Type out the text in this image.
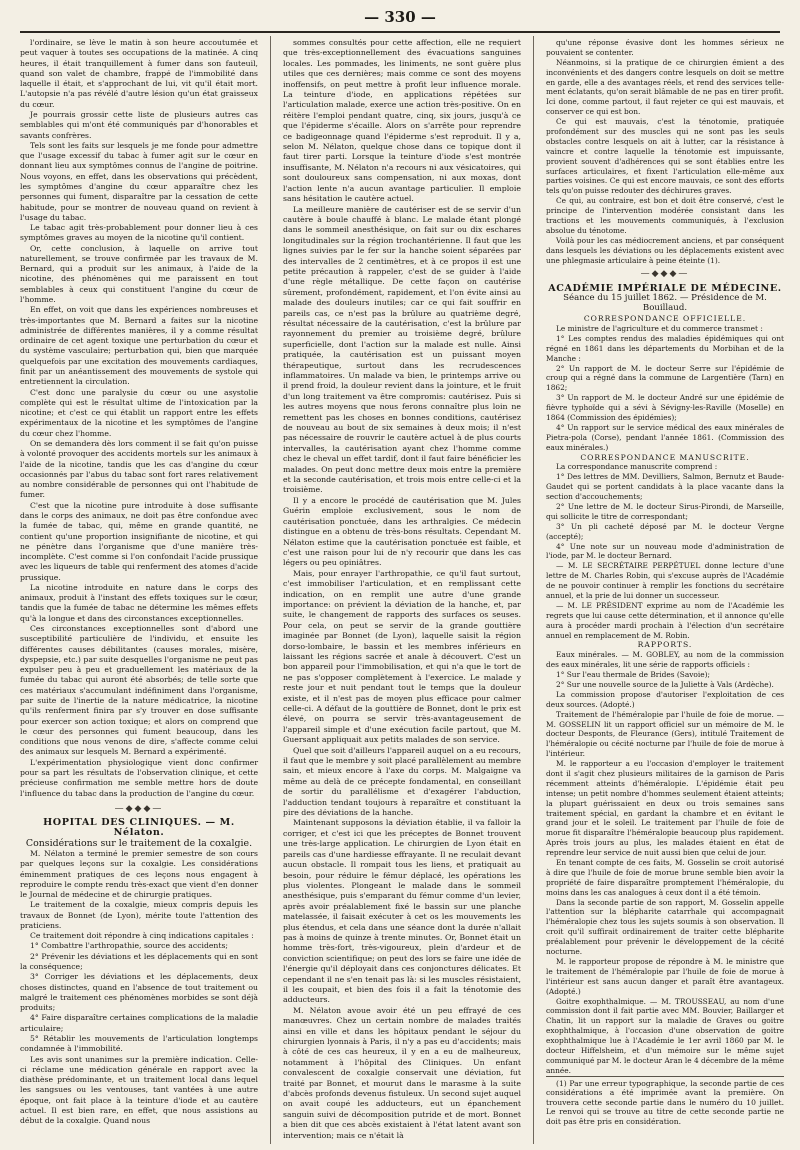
— 330 —

l'ordinaire, se lève le matin à son heure accoutumée et peut vaquer à toutes ses occupations de la matinée. A cinq heures, il était tranquillement à fumer dans son fauteuil, quand son valet de chambre, frappé de l'immobilité dans laquelle il était, et s'approchant de lui, vit qu'il était mort. L'autopsie n'a pas révélé d'autre lésion qu'un état graisseux du cœur.

Je pourrais grossir cette liste de plusieurs autres cas semblables qui m'ont été communiqués par d'honorables et savants confrères.

Tels sont les faits sur lesquels je me fonde pour admettre que l'usage excessif du tabac à fumer agit sur le cœur en donnant lieu aux symptômes connus de l'angine de poitrine. Nous voyons, en effet, dans les observations qui précèdent, les symptômes d'angine du cœur apparaître chez les personnes qui fument, disparaître par la cessation de cette habitude, pour se montrer de nouveau quand on revient à l'usage du tabac.

Le tabac agit très-probablement pour donner lieu à ces symptômes graves au moyen de la nicotine qu'il contient.

Or, cette conclusion, à laquelle on arrive tout naturellement, se trouve confirmée par les travaux de M. Bernard, qui a produit sur les animaux, à l'aide de la nicotine, des phénomènes qui me paraissent en tout semblables à ceux qui constituent l'angine du cœur de l'homme.

En effet, on voit que dans les expériences nombreuses et très-importantes que M. Bernard a faites sur la nicotine administrée de différentes manières, il y a comme résultat ordinaire de cet agent toxique une perturbation du cœur et du système vasculaire; perturbation qui, bien que marquée quelquefois par une excitation des mouvements cardiaques, finit par un anéantissement des mouvements de systole qui entretiennent la circulation.

C'est donc une paralysie du cœur ou une asystolie complète qui est le résultat ultime de l'intoxication par la nicotine; et c'est ce qui établit un rapport entre les effets expérimentaux de la nicotine et les symptômes de l'angine du cœur chez l'homme.

On se demandera dès lors comment il se fait qu'on puisse à volonté provoquer des accidents mortels sur les animaux à l'aide de la nicotine, tandis que les cas d'angine du cœur occasionnés par l'abus du tabac sont fort rares relativement au nombre considérable de personnes qui ont l'habitude de fumer.

C'est que la nicotine pure introduite à dose suffisante dans le corps des animaux, ne doit pas être confondue avec la fumée de tabac, qui, même en grande quantité, ne contient qu'une proportion insignifiante de nicotine, et qui ne pénètre dans l'organisme que d'une manière très-incomplète. C'est comme si l'on confondait l'acide prussique avec les liqueurs de table qui renferment des atomes d'acide prussique.

La nicotine introduite en nature dans le corps des animaux, produit à l'instant des effets toxiques sur le cœur, tandis que la fumée de tabac ne détermine les mêmes effets qu'à la longue et dans des circonstances exceptionnelles.

Ces circonstances exceptionnelles sont d'abord une susceptibilité particulière de l'individu, et ensuite les différentes causes débilitantes (causes morales, misère, dyspepsie, etc.) par suite desquelles l'organisme ne peut pas expulser peu à peu et graduellement les matériaux de la fumée du tabac qui auront été absorbés; de telle sorte que ces matériaux s'accumulant indéfiniment dans l'organisme, par suite de l'inertie de la nature médicatrice, la nicotine qu'ils renferment finira par s'y trouver en dose suffisante pour exercer son action toxique; et alors on comprend que le cœur des personnes qui fument beaucoup, dans les conditions que nous venons de dire, s'affecte comme celui des animaux sur lesquels M. Bernard a expérimenté.

L'expérimentation physiologique vient donc confirmer pour sa part les résultats de l'observation clinique, et cette précieuse confirmation me semble mettre hors de doute l'influence du tabac dans la production de l'angine du cœur.

—◆◆◆—

HOPITAL DES CLINIQUES. — M. Nélaton.

Considérations sur le traitement de la coxalgie.

M. Nélaton a terminé le premier semestre de son cours par quelques leçons sur la coxalgie. Les considérations éminemment pratiques de ces leçons nous engagent à reproduire le compte rendu très-exact que vient d'en donner le Journal de médecine et de chirurgie pratiques.

Le traitement de la coxalgie, mieux compris depuis les travaux de Bonnet (de Lyon), mérite toute l'attention des praticiens.

Ce traitement doit répondre à cinq indications capitales :

1° Combattre l'arthropathie, source des accidents;

2° Prévenir les déviations et les déplacements qui en sont la conséquence;

3° Corriger les déviations et les déplacements, deux choses distinctes, quand en l'absence de tout traitement ou malgré le traitement ces phénomènes morbides se sont déjà produits;

4° Faire disparaître certaines complications de la maladie articulaire;

5° Rétablir les mouvements de l'articulation longtemps condamnée à l'immobilité.

Les avis sont unanimes sur la première indication. Celle-ci réclame une médication générale en rapport avec la diathèse prédominante, et un traitement local dans lequel les sangsues ou les ventouses, tant vantées à une autre époque, ont fait place à la teinture d'iode et au cautère actuel. Il est bien rare, en effet, que nous assistions au début de la coxalgie. Quand nous

sommes consultés pour cette affection, elle ne requiert que très-exceptionnellement des évacuations sanguines locales. Les pommades, les liniments, ne sont guère plus utiles que ces dernières; mais comme ce sont des moyens inoffensifs, on peut mettre à profit leur influence morale. La teinture d'iode, en applications répétées sur l'articulation malade, exerce une action très-positive. On en réitère l'emploi pendant quatre, cinq, six jours, jusqu'à ce que l'épiderme s'écaille. Alors on s'arrête pour reprendre ce badigeonnage quand l'épiderme s'est reproduit. Il y a, selon M. Nélaton, quelque chose dans ce topique dont il faut tirer parti. Lorsque la teinture d'iode s'est montrée insuffisante, M. Nélaton n'a recours ni aux vésicatoires, qui sont douloureux sans compensation, ni aux moxas, dont l'action lente n'a aucun avantage particulier. Il emploie sans hésitation le cautère actuel.

La meilleure manière de cautériser est de se servir d'un cautère à boule chauffé à blanc. Le malade étant plongé dans le sommeil anesthésique, on fait sur ou dix eschares longitudinales sur la région trochantérienne. Il faut que les lignes suivies par le fer sur la hanche soient séparées par des intervalles de 2 centimètres, et à ce propos il est une petite précaution à rappeler, c'est de se guider à l'aide d'une règle métallique. De cette façon on cautérise sûrement, profondément, rapidement, et l'on évite ainsi au malade des douleurs inutiles; car ce qui fait souffrir en pareils cas, ce n'est pas la brûlure au quatrième degré, résultat nécessaire de la cautérisation, c'est la brûlure par rayonnement du premier au troisième degré, brûlure superficielle, dont l'action sur la malade est nulle. Ainsi pratiquée, la cautérisation est un puissant moyen thérapeutique, surtout dans les recrudescences inflammatoires. Un malade va bien, le printemps arrive ou il prend froid, la douleur revient dans la jointure, et le fruit d'un long traitement va être compromis: cautérisez. Puis si les autres moyens que nous ferons connaître plus loin ne remettent pas les choses en bonnes conditions, cautérisez de nouveau au bout de six semaines à deux mois; il n'est pas nécessaire de rouvrir le cautère actuel à de plus courts intervalles, la cautérisation ayant chez l'homme comme chez le cheval un effet tardif, dont il faut faire bénéficier les malades. On peut donc mettre deux mois entre la première et la seconde cautérisation, et trois mois entre celle-ci et la troisième.

Il y a encore le procédé de cautérisation que M. Jules Guérin emploie exclusivement, sous le nom de cautérisation ponctuée, dans les arthralgies. Ce médecin distingue en a obtenu de très-bons résultats. Cependant M. Nélaton estime que la cautérisation ponctuée est faible, et c'est une raison pour lui de n'y recourir que dans les cas légers ou peu opiniâtres.

Mais, pour enrayer l'arthropathie, ce qu'il faut surtout, c'est immobiliser l'articulation, et en remplissant cette indication, on en remplit une autre d'une grande importance: on prévient la déviation de la hanche, et, par suite, le changement de rapports des surfaces os seuses. Pour cela, on peut se servir de la grande gouttière imaginée par Bonnet (de Lyon), laquelle saisit la région dorso-lombaire, le bassin et les membres inférieurs en laissant les régions sacrée et anale à découvert. C'est un bon appareil pour l'immobilisation, et qui n'a que le tort de ne pas s'opposer complètement à l'exercice. Le malade y reste jour et nuit pendant tout le temps que la douleur existe, et il n'est pas de moyen plus efficace pour calmer celle-ci. A défaut de la gouttière de Bonnet, dont le prix est élevé, on pourra se servir très-avantageusement de l'appareil simple et d'une exécution facile partout, que M. Guersant appliquait aux petits malades de son service.

Quel que soit d'ailleurs l'appareil auquel on a eu recours, il faut que le membre y soit placé parallèlement au membre sain, et mieux encore à l'axe du corps. M. Malgaigne va même au delà de ce précepte fondamental, en conseillant de sortir du parallélisme et d'exagérer l'abduction, l'adduction tendant toujours à reparaître et constituant la pire des déviations de la hanche.

Maintenant supposons la déviation établie, il va falloir la corriger, et c'est ici que les préceptes de Bonnet trouvent une très-large application. Le chirurgien de Lyon était en pareils cas d'une hardiesse effrayante. Il ne reculait devant aucun obstacle. Il rompait tous les liens, et pratiquait au besoin, pour réduire le fémur déplacé, les opérations les plus violentes. Plongeant le malade dans le sommeil anesthésique, puis s'emparant du fémur comme d'un levier, après avoir préalablement fixé le bassin sur une planche matelassée, il faisait exécuter à cet os les mouvements les plus étendus, et cela dans une séance dont la durée n'allait pas à moins de quinze à trente minutes. Or, Bonnet était un homme très-fort, très-vigoureux, plein d'ardeur et de conviction scientifique; on peut des lors se faire une idée de l'énergie qu'il déployait dans ces conjonctures délicates. Et cependant il ne s'en tenait pas là: si les muscles résistaient, il les coupait, et bien des fois il a fait la ténotomie des adducteurs.

M. Nélaton avoue avoir été un peu effrayé de ces manœuvres. Chez un certain nombre de malades traités ainsi en ville et dans les hôpitaux pendant le séjour du chirurgien lyonnais à Paris, il n'y a pas eu d'accidents; mais à côté de ces cas heureux, il y en a eu de malheureux, notamment à l'hôpital des Cliniques. Un enfant convalescent de coxalgie conservait une déviation, fut traité par Bonnet, et mourut dans le marasme à la suite d'abcès profonds devenus fistuleux. Un second sujet auquel on avait coupé les adducteurs, eut un épanchement sanguin suivi de décomposition putride et de mort. Bonnet a bien dit que ces abcès existaient à l'état latent avant son intervention; mais ce n'était là

qu'une réponse évasive dont les hommes sérieux ne pouvaient se contenter.

Néanmoins, si la pratique de ce chirurgien émient a des inconvénients et des dangers contre lesquels on doit se mettre en garde, elle a des avantages réels, et rend des services telle-ment éclatants, qu'on serait blâmable de ne pas en tirer profit. Ici done, comme partout, il faut rejeter ce qui est mauvais, et conserver ce qui est bon.

Ce qui est mauvais, c'est la ténotomie, pratiquée profondément sur des muscles qui ne sont pas les seuls obstacles contre lesquels on ait à lutter, car la résistance à vaincre et contre laquelle la ténotomie est impuissante, provient souvent d'adhérences qui se sont établies entre les surfaces articulaires, et fixent l'articulation elle-même aux parties voisines. Ce qui est encore mauvais, ce sont des efforts tels qu'on puisse redouter des déchirures graves.

Ce qui, au contraire, est bon et doit être conservé, c'est le principe de l'intervention modérée consistant dans les tractions et les mouvements communiqués, à l'exclusion absolue du ténotome.

Voilà pour les cas médiocrement anciens, et par conséquent dans lesquels les déviations ou les déplacements existent avec une phlegmasie articulaire à peine éteinte (1).

—◆◆◆—

ACADÉMIE IMPÉRIALE DE MÉDECINE.

Séance du 15 juillet 1862. — Présidence de M. Bouillaud.

CORRESPONDANCE OFFICIELLE.

Le ministre de l'agriculture et du commerce transmet :

1° Les comptes rendus des maladies épidémiques qui ont régné en 1861 dans les départements du Morbihan et de la Manche :

2° Un rapport de M. le docteur Serre sur l'épidémie de croup qui a régné dans la commune de Largentière (Tarn) en 1862;

3° Un rapport de M. le docteur André sur une épidémie de fièvre typhoïde qui a sévi à Sévigny-les-Raville (Moselle) en 1864 (Commission des épidémies);

4° Un rapport sur le service médical des eaux minérales de Pietra-pola (Corse), pendant l'année 1861. (Commission des eaux minérales.)

CORRESPONDANCE MANUSCRITE.

La correspondance manuscrite comprend :

1° Des lettres de MM. Devilliers, Salmon, Bernutz et Baude-Gaudet qui se portent candidats à la place vacante dans la section d'accouchements;

2° Une lettre de M. le docteur Sirus-Pirondi, de Marseille, qui sollicite le titre de correspondant;

3° Un pli cacheté déposé par M. le docteur Vergne (accepté);

4° Une note sur un nouveau mode d'administration de l'iode, par M. le docteur Bernard.

— M. LE SECRÉTAIRE PERPÉTUEL donne lecture d'une lettre de M. Charles Robin, qui s'excuse auprès de l'Académie de ne pouvoir continuer à remplir les fonctions du secrétaire annuel, et la prie de lui donner un successeur.

— M. LE PRÉSIDENT exprime au nom de l'Académie les regrets que lui cause cette détermination, et il annonce qu'elle aura à procéder mardi prochain à l'élection d'un secrétaire annuel en remplacement de M. Robin.

RAPPORTS.

Eaux minérales. — M. GOBLEY, au nom de la commission des eaux minérales, lit une série de rapports officiels :

1° Sur l'eau thermale de Brides (Savoie);

2° Sur une nouvelle source de la Juliette à Vals (Ardèche).

La commission propose d'autoriser l'exploitation de ces deux sources. (Adopté.)

Traitement de l'héméralopie par l'huile de foie de morue. — M. GOSSELIN lit un rapport officiel sur un mémoire de M. le docteur Desponts, de Fleurance (Gers), intitulé Traitement de l'héméralopie ou cécité nocturne par l'huile de foie de morue à l'intérieur.

M. le rapporteur a eu l'occasion d'employer le traitement dont il s'agit chez plusieurs militaires de la garnison de Paris récemment atteints d'héméralopie. L'épidémie était peu intense; un petit nombre d'hommes seulement étaient atteints; la plupart guérissaient en deux ou trois semaines sans traitement spécial, en gardant la chambre et en évitant le grand jour et le soleil. Le traitement par l'huile de foie de morue fit disparaître l'héméralopie beaucoup plus rapidement. Après trois jours au plus, les malades étaient en état de reprendre leur service de nuit aussi bien que celui de jour.

En tenant compte de ces faits, M. Gosselin se croit autorisé à dire que l'huile de foie de morue brune semble bien avoir la propriété de faire disparaître promptement l'héméralopie, du moins dans les cas analogues à ceux dont il a été témoin.

Dans la seconde partie de son rapport, M. Gosselin appelle l'attention sur la blépharite catarrhale qui accompagnait l'héméralopie chez tous les sujets soumis à son observation. Il croit qu'il suffirait ordinairement de traiter cette blépharite préalablement pour prévenir le développement de la cécité nocturne.

M. le rapporteur propose de répondre à M. le ministre que le traitement de l'héméralopie par l'huile de foie de morue à l'intérieur est sans aucun danger et paraît être avantageux. (Adopté.)

Goitre exophthalmique. — M. TROUSSEAU, au nom d'une commission dont il fait partie avec MM. Bouvier, Baillarger et Chatin, lit un rapport sur la maladie de Graves ou goitre exophthalmique, à l'occasion d'une observation de goitre exophthalmique lue à l'Académie le 1er avril 1860 par M. le docteur Hiffelsheim, et d'un mémoire sur le même sujet communiqué par M. le docteur Aran le 4 décembre de la même année.

(1) Par une erreur typographique, la seconde partie de ces considérations a été imprimée avant la première. On trouvera cette seconde partie dans le numéro du 10 juillet. Le renvoi qui se trouve au titre de cette seconde partie ne doit pas être pris en considération.
